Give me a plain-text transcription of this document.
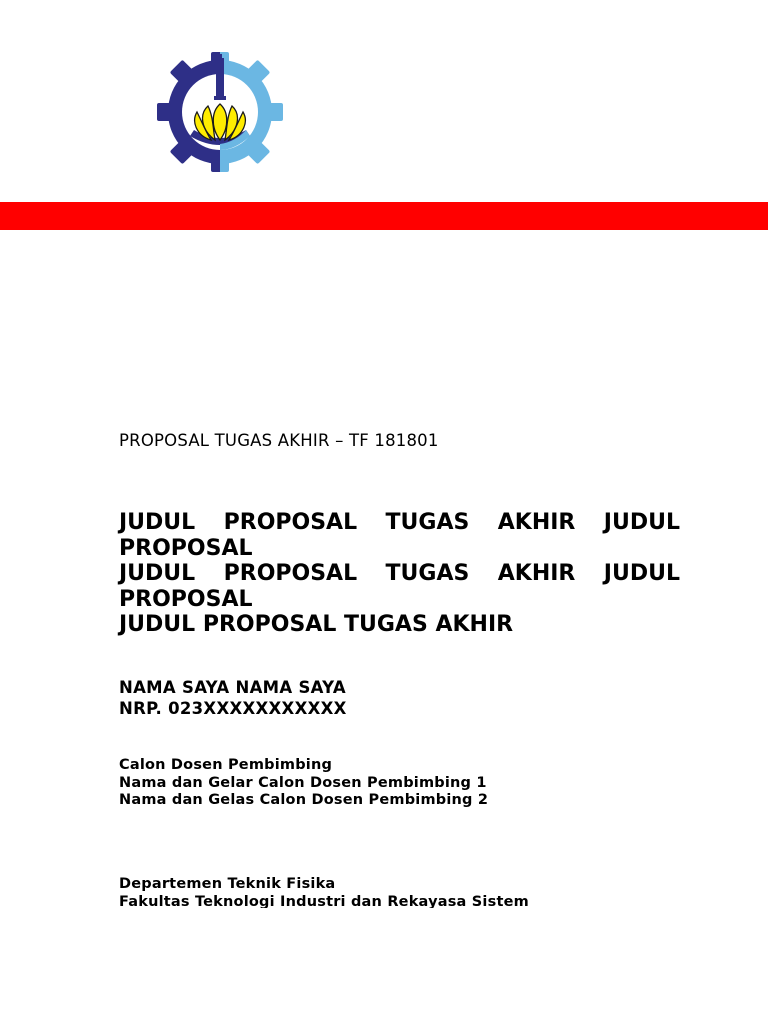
PROPOSAL TUGAS AKHIR – TF 181801
JUDUL PROPOSAL TUGAS AKHIR JUDUL
PROPOSAL
JUDUL PROPOSAL TUGAS AKHIR JUDUL
PROPOSAL
JUDUL PROPOSAL TUGAS AKHIR
NAMA SAYA NAMA SAYA
NRP. 023XXXXXXXXXXX
Calon Dosen Pembimbing
Nama dan Gelar Calon Dosen Pembimbing 1
Nama dan Gelas Calon Dosen Pembimbing 2
Departemen Teknik Fisika
Fakultas Teknologi Industri dan Rekayasa Sistem
